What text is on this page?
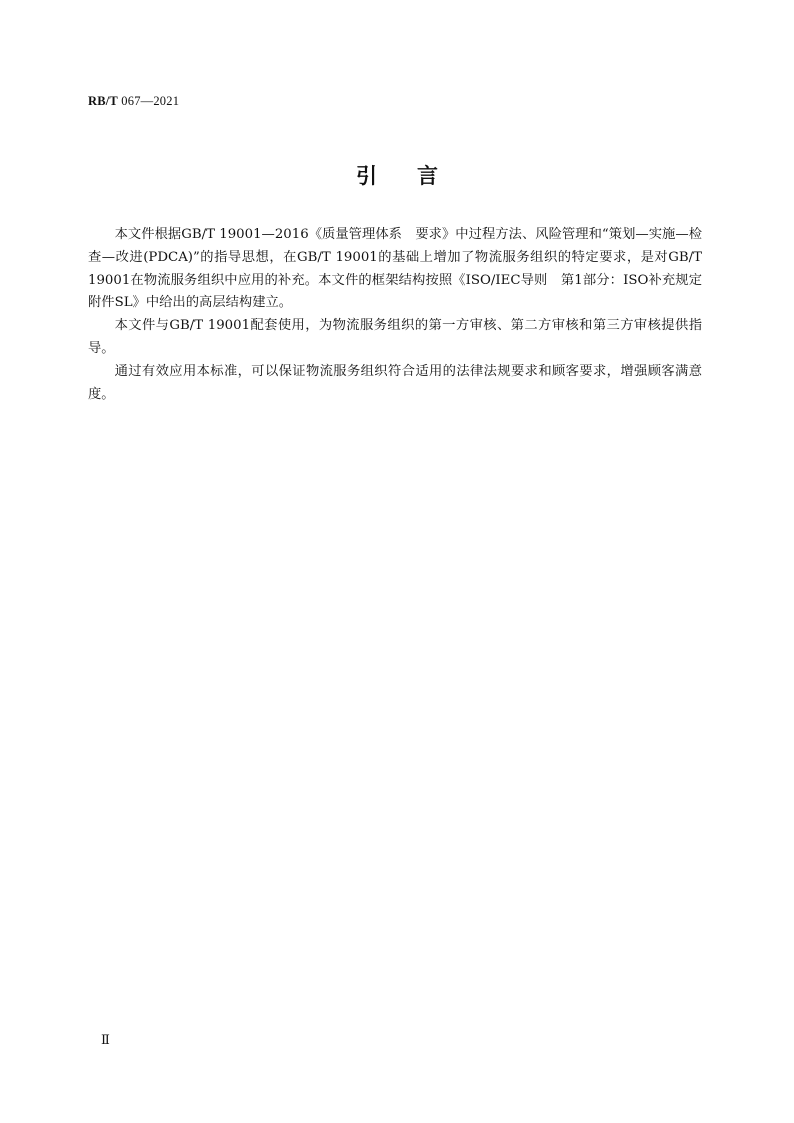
RB/T 067—2021
引言

本文件根据GB/T 19001—2016《质量管理体系　要求》中过程方法、风险管理和“策划—实施—检查—改进(PDCA)”的指导思想，在GB/T 19001的基础上增加了物流服务组织的特定要求，是对GB/T 19001在物流服务组织中应用的补充。本文件的框架结构按照《ISO/IEC导则　第1部分：ISO补充规定附件SL》中给出的高层结构建立。

本文件与GB/T 19001配套使用，为物流服务组织的第一方审核、第二方审核和第三方审核提供指导。

通过有效应用本标准，可以保证物流服务组织符合适用的法律法规要求和顾客要求，增强顾客满意度。

Ⅱ
